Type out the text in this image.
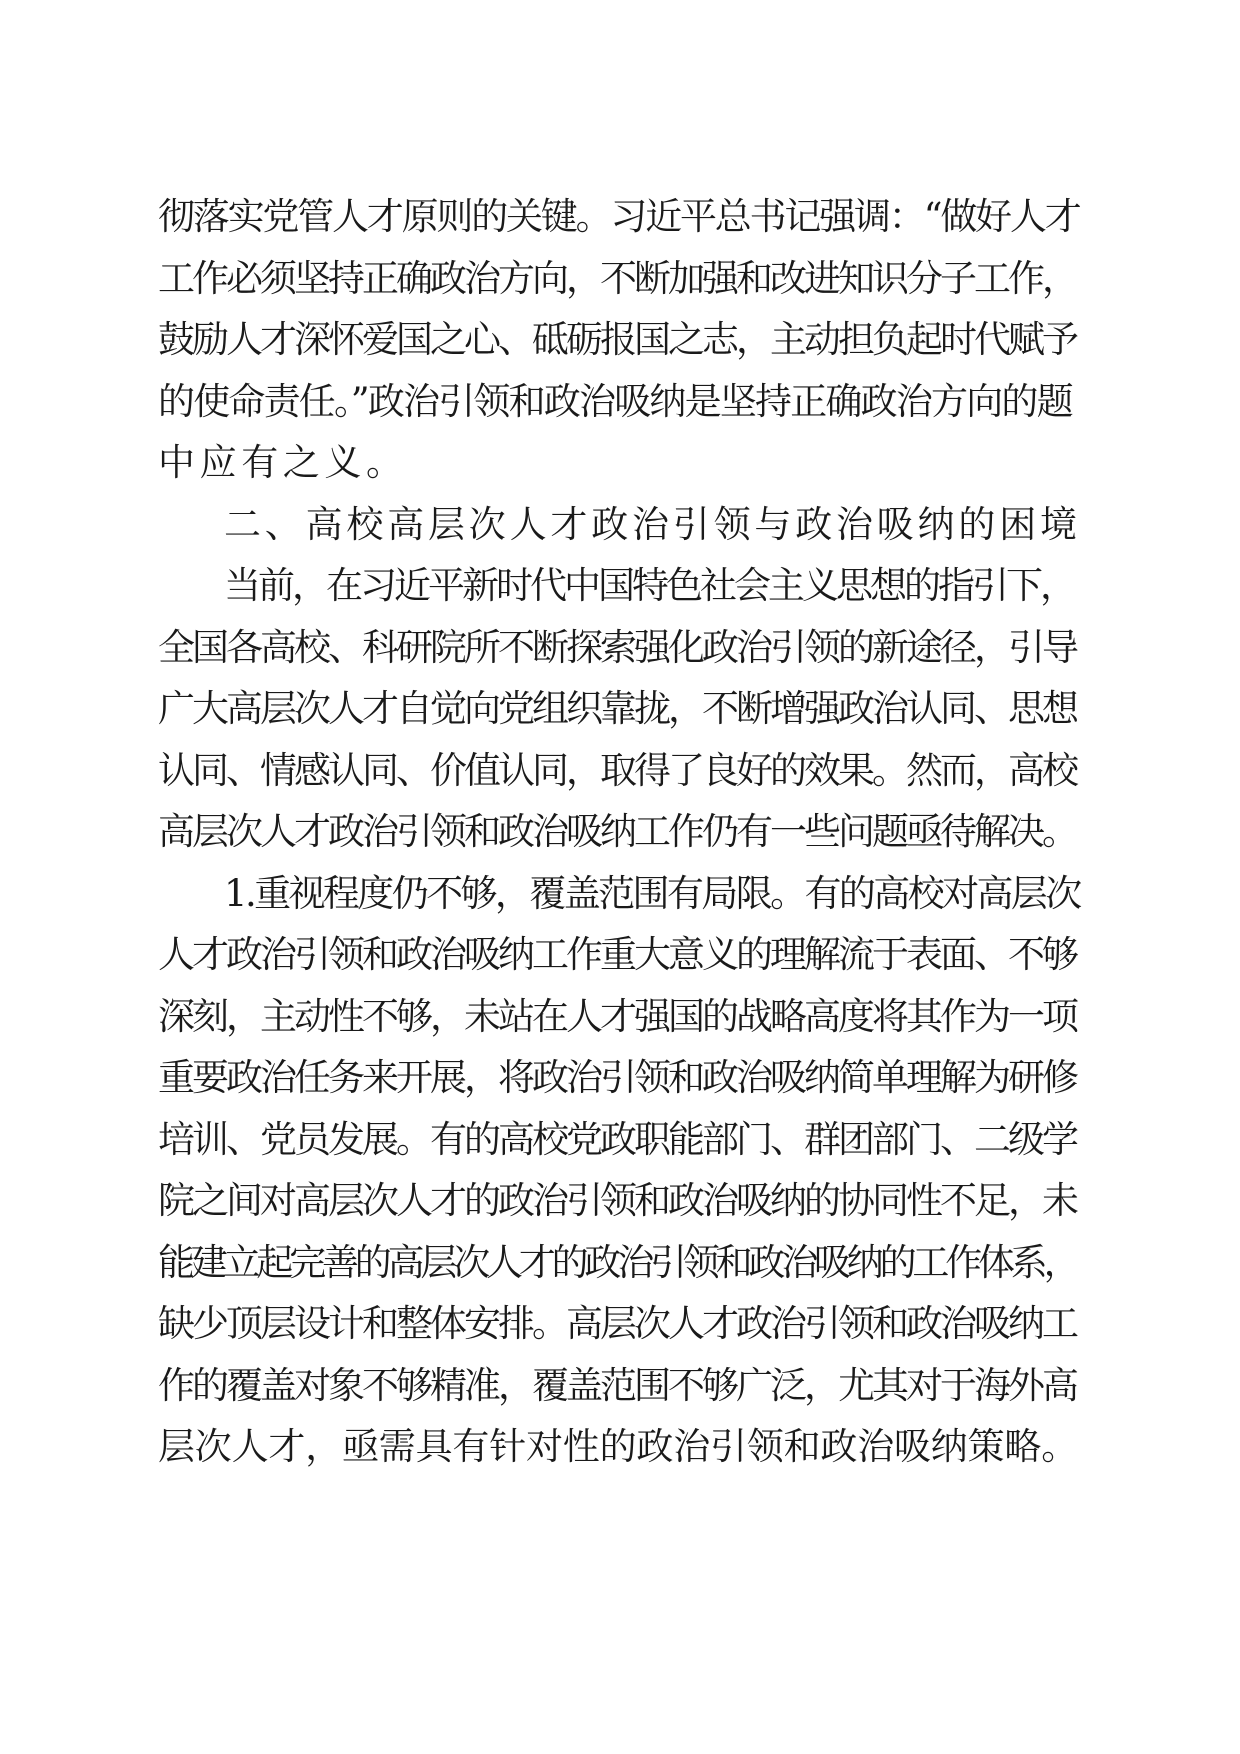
彻落实党管人才原则的关键。习近平总书记强调：“做好人才
工作必须坚持正确政治方向，不断加强和改进知识分子工作，
鼓励人才深怀爱国之心、砥砺报国之志，主动担负起时代赋予
的使命责任。”政治引领和政治吸纳是坚持正确政治方向的题
中应有之义。
二、高校高层次人才政治引领与政治吸纳的困境
当前，在习近平新时代中国特色社会主义思想的指引下，
全国各高校、科研院所不断探索强化政治引领的新途径，引导
广大高层次人才自觉向党组织靠拢，不断增强政治认同、思想
认同、情感认同、价值认同，取得了良好的效果。然而，高校
高层次人才政治引领和政治吸纳工作仍有一些问题亟待解决。
1.重视程度仍不够，覆盖范围有局限。有的高校对高层次
人才政治引领和政治吸纳工作重大意义的理解流于表面、不够
深刻，主动性不够，未站在人才强国的战略高度将其作为一项
重要政治任务来开展，将政治引领和政治吸纳简单理解为研修
培训、党员发展。有的高校党政职能部门、群团部门、二级学
院之间对高层次人才的政治引领和政治吸纳的协同性不足，未
能建立起完善的高层次人才的政治引领和政治吸纳的工作体系，
缺少顶层设计和整体安排。高层次人才政治引领和政治吸纳工
作的覆盖对象不够精准，覆盖范围不够广泛，尤其对于海外高
层次人才，亟需具有针对性的政治引领和政治吸纳策略。
